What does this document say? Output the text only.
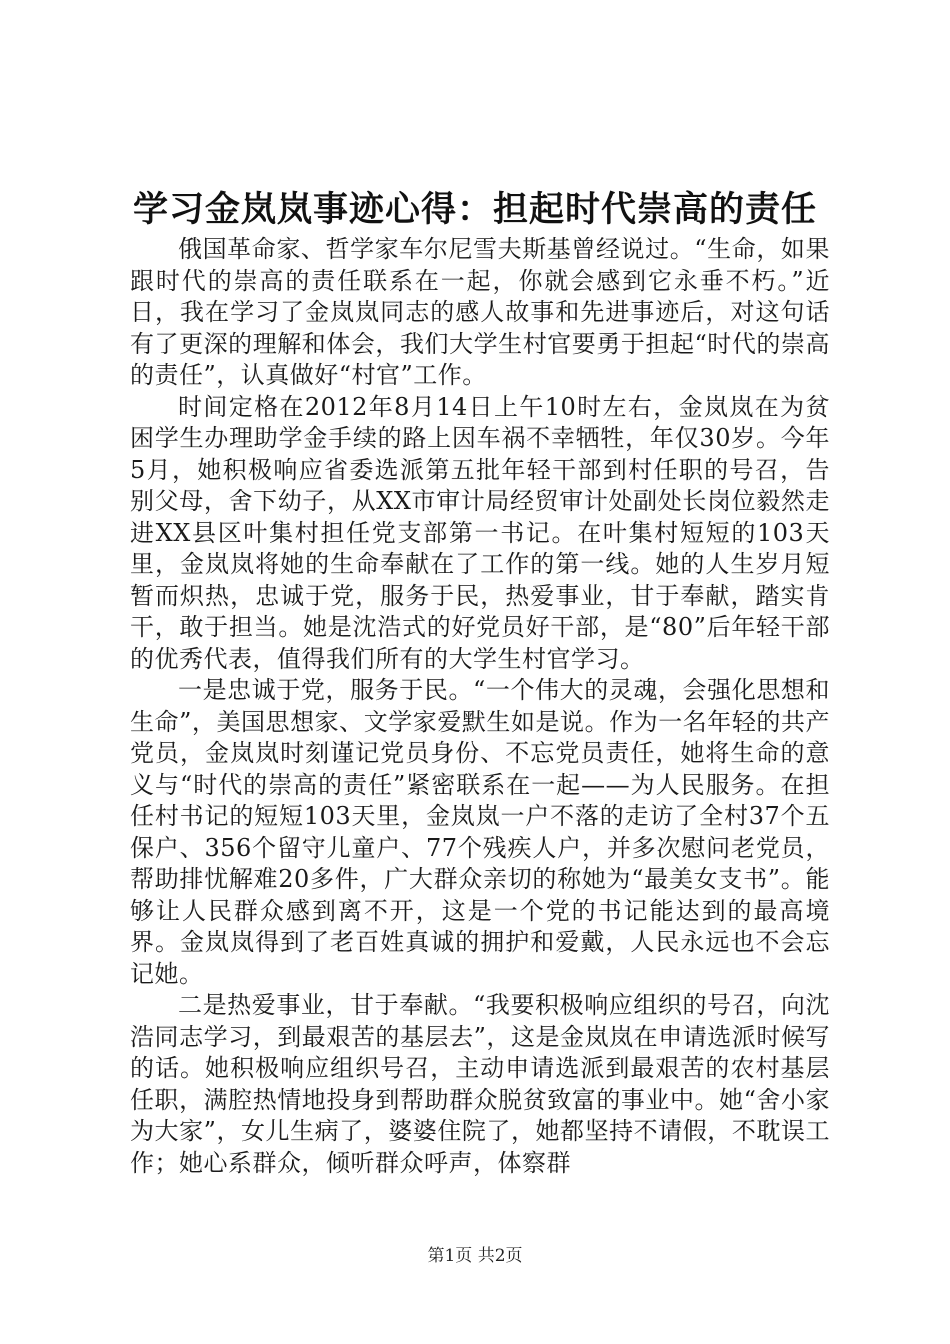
学习金岚岚事迹心得：担起时代崇高的责任

俄国革命家、哲学家车尔尼雪夫斯基曾经说过。“生命，如果跟时代的崇高的责任联系在一起，你就会感到它永垂不朽。”近日，我在学习了金岚岚同志的感人故事和先进事迹后，对这句话有了更深的理解和体会，我们大学生村官要勇于担起“时代的崇高的责任”，认真做好“村官”工作。

时间定格在2012年8月14日上午10时左右，金岚岚在为贫困学生办理助学金手续的路上因车祸不幸牺牲，年仅30岁。今年5月，她积极响应省委选派第五批年轻干部到村任职的号召，告别父母，舍下幼子，从XX市审计局经贸审计处副处长岗位毅然走进XX县区叶集村担任党支部第一书记。在叶集村短短的103天里，金岚岚将她的生命奉献在了工作的第一线。她的人生岁月短暂而炽热，忠诚于党，服务于民，热爱事业，甘于奉献，踏实肯干，敢于担当。她是沈浩式的好党员好干部，是“80”后年轻干部的优秀代表，值得我们所有的大学生村官学习。

一是忠诚于党，服务于民。“一个伟大的灵魂，会强化思想和生命”，美国思想家、文学家爱默生如是说。作为一名年轻的共产党员，金岚岚时刻谨记党员身份、不忘党员责任，她将生命的意义与“时代的崇高的责任”紧密联系在一起——为人民服务。在担任村书记的短短103天里，金岚岚一户不落的走访了全村37个五保户、356个留守儿童户、77个残疾人户，并多次慰问老党员，帮助排忧解难20多件，广大群众亲切的称她为“最美女支书”。能够让人民群众感到离不开，这是一个党的书记能达到的最高境界。金岚岚得到了老百姓真诚的拥护和爱戴，人民永远也不会忘记她。

二是热爱事业，甘于奉献。“我要积极响应组织的号召，向沈浩同志学习，到最艰苦的基层去”，这是金岚岚在申请选派时候写的话。她积极响应组织号召，主动申请选派到最艰苦的农村基层任职，满腔热情地投身到帮助群众脱贫致富的事业中。她“舍小家为大家”，女儿生病了，婆婆住院了，她都坚持不请假，不耽误工作；她心系群众，倾听群众呼声，体察群

第1页 共2页
